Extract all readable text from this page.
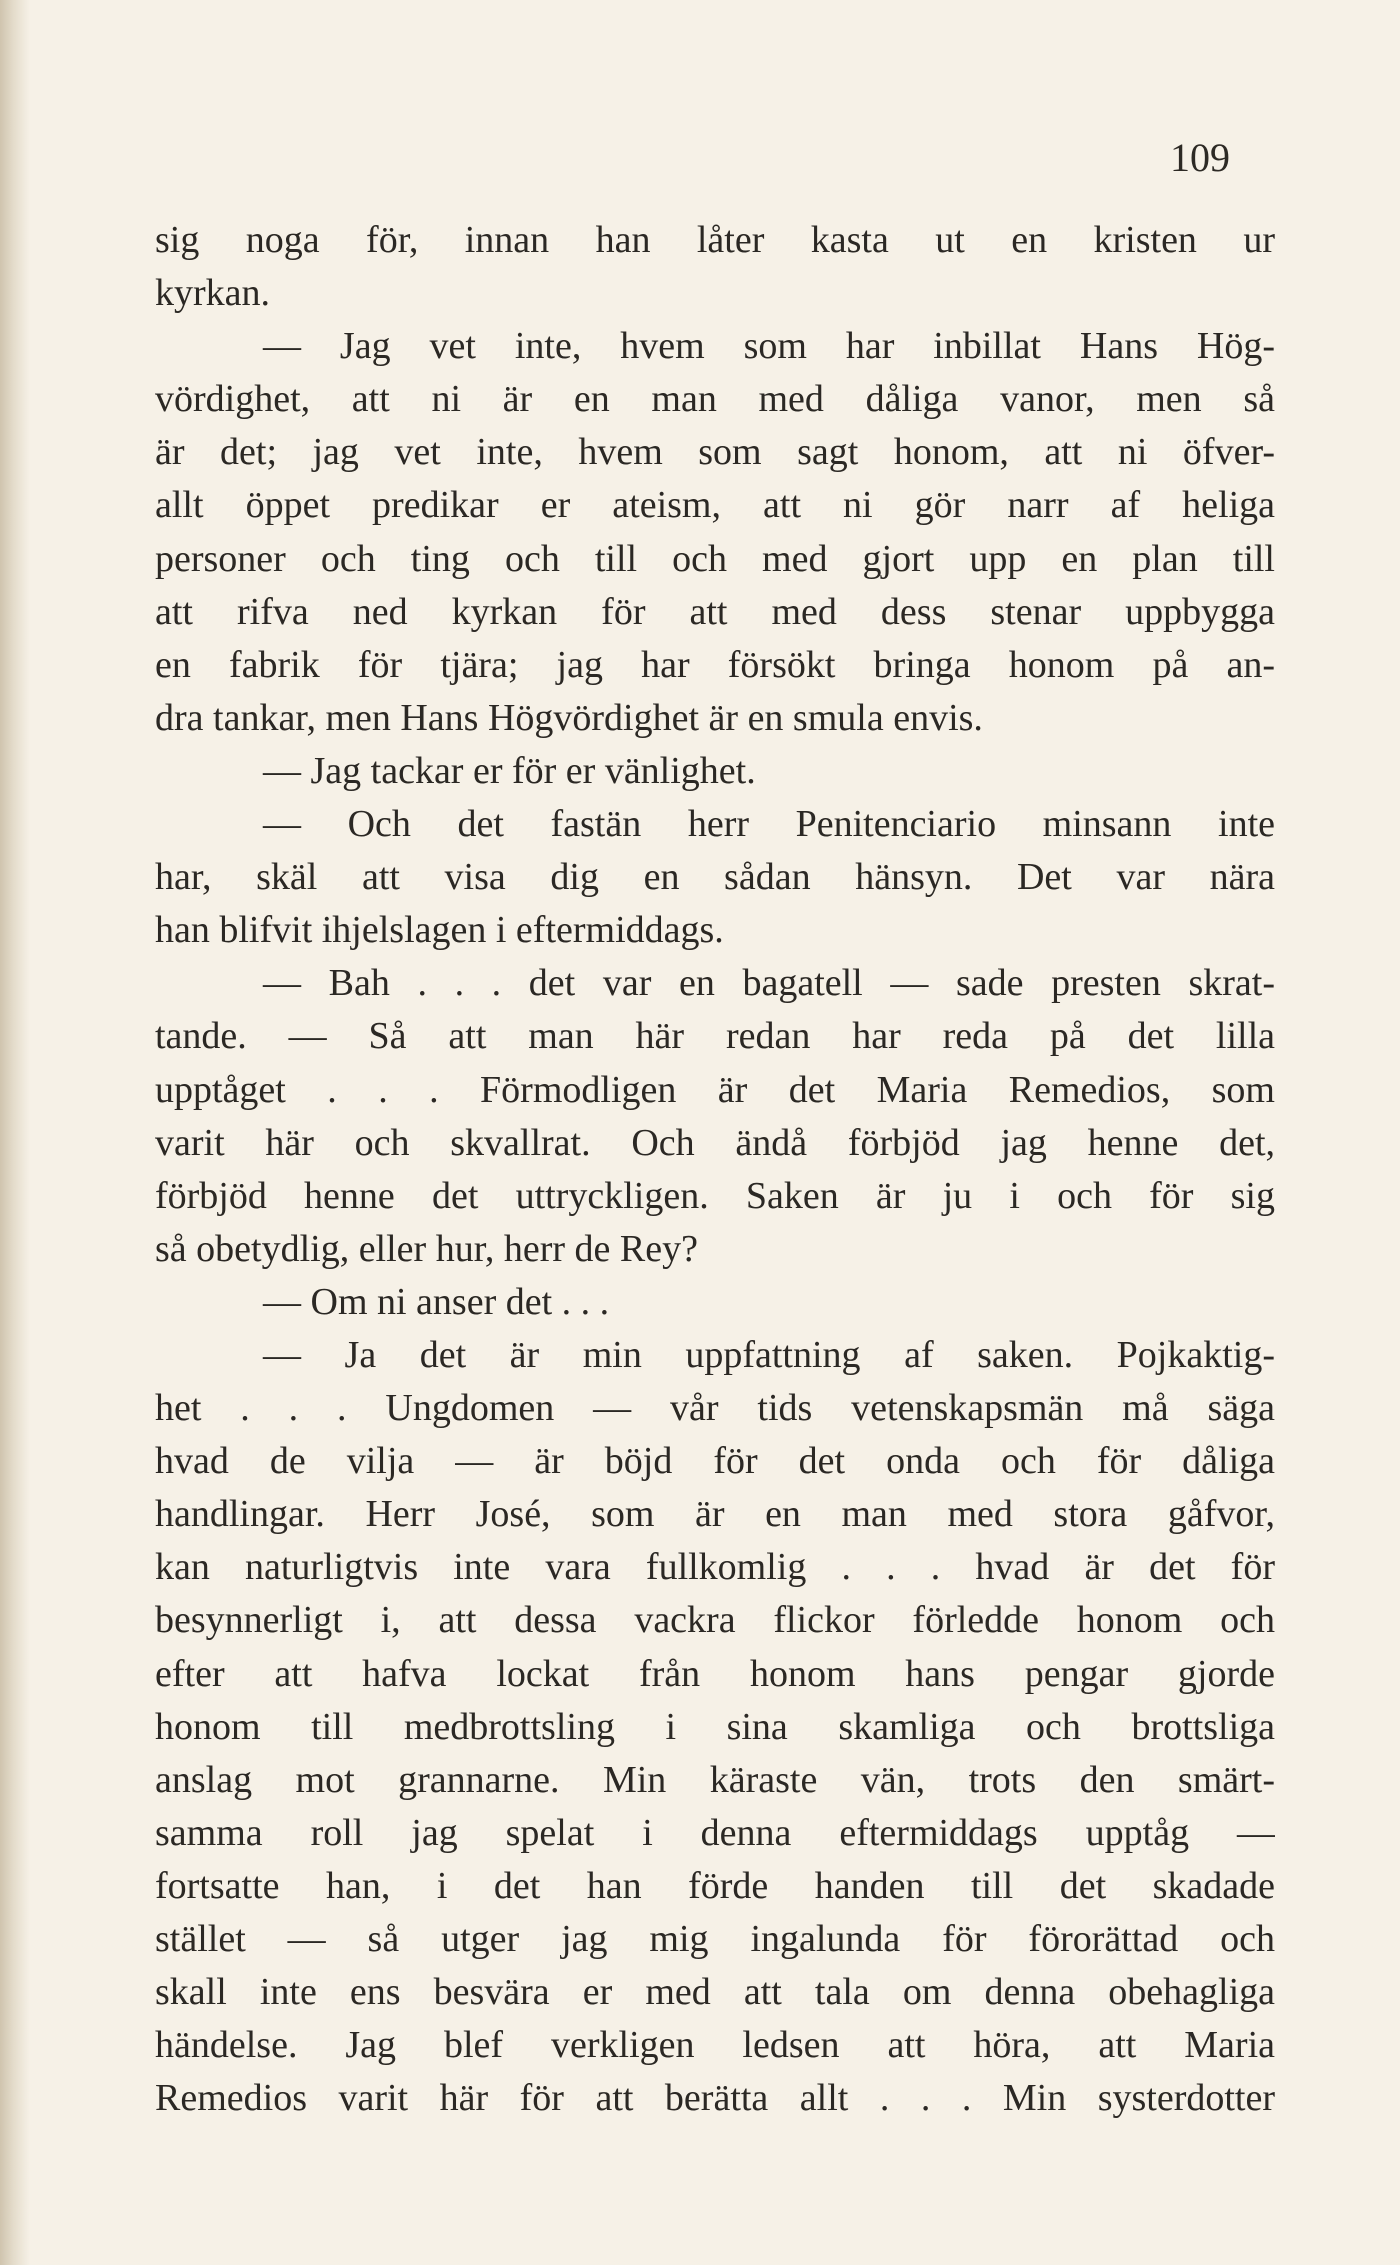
109
sig noga för, innan han låter kasta ut en kristen ur
kyrkan.
— Jag vet inte, hvem som har inbillat Hans Hög-
vördighet, att ni är en man med dåliga vanor, men så
är det; jag vet inte, hvem som sagt honom, att ni öfver-
allt öppet predikar er ateism, att ni gör narr af heliga
personer och ting och till och med gjort upp en plan till
att rifva ned kyrkan för att med dess stenar uppbygga
en fabrik för tjära; jag har försökt bringa honom på an-
dra tankar, men Hans Högvördighet är en smula envis.
— Jag tackar er för er vänlighet.
— Och det fastän herr Penitenciario minsann inte
har, skäl att visa dig en sådan hänsyn. Det var nära
han blifvit ihjelslagen i eftermiddags.
— Bah . . . det var en bagatell — sade presten skrat-
tande. — Så att man här redan har reda på det lilla
upptåget . . . Förmodligen är det Maria Remedios, som
varit här och skvallrat. Och ändå förbjöd jag henne det,
förbjöd henne det uttryckligen. Saken är ju i och för sig
så obetydlig, eller hur, herr de Rey?
— Om ni anser det . . .
— Ja det är min uppfattning af saken. Pojkaktig-
het . . . Ungdomen — vår tids vetenskapsmän må säga
hvad de vilja — är böjd för det onda och för dåliga
handlingar. Herr José, som är en man med stora gåfvor,
kan naturligtvis inte vara fullkomlig . . . hvad är det för
besynnerligt i, att dessa vackra flickor förledde honom och
efter att hafva lockat från honom hans pengar gjorde
honom till medbrottsling i sina skamliga och brottsliga
anslag mot grannarne. Min käraste vän, trots den smärt-
samma roll jag spelat i denna eftermiddags upptåg —
fortsatte han, i det han förde handen till det skadade
stället — så utger jag mig ingalunda för förorättad och
skall inte ens besvära er med att tala om denna obehagliga
händelse. Jag blef verkligen ledsen att höra, att Maria
Remedios varit här för att berätta allt . . . Min systerdotter
